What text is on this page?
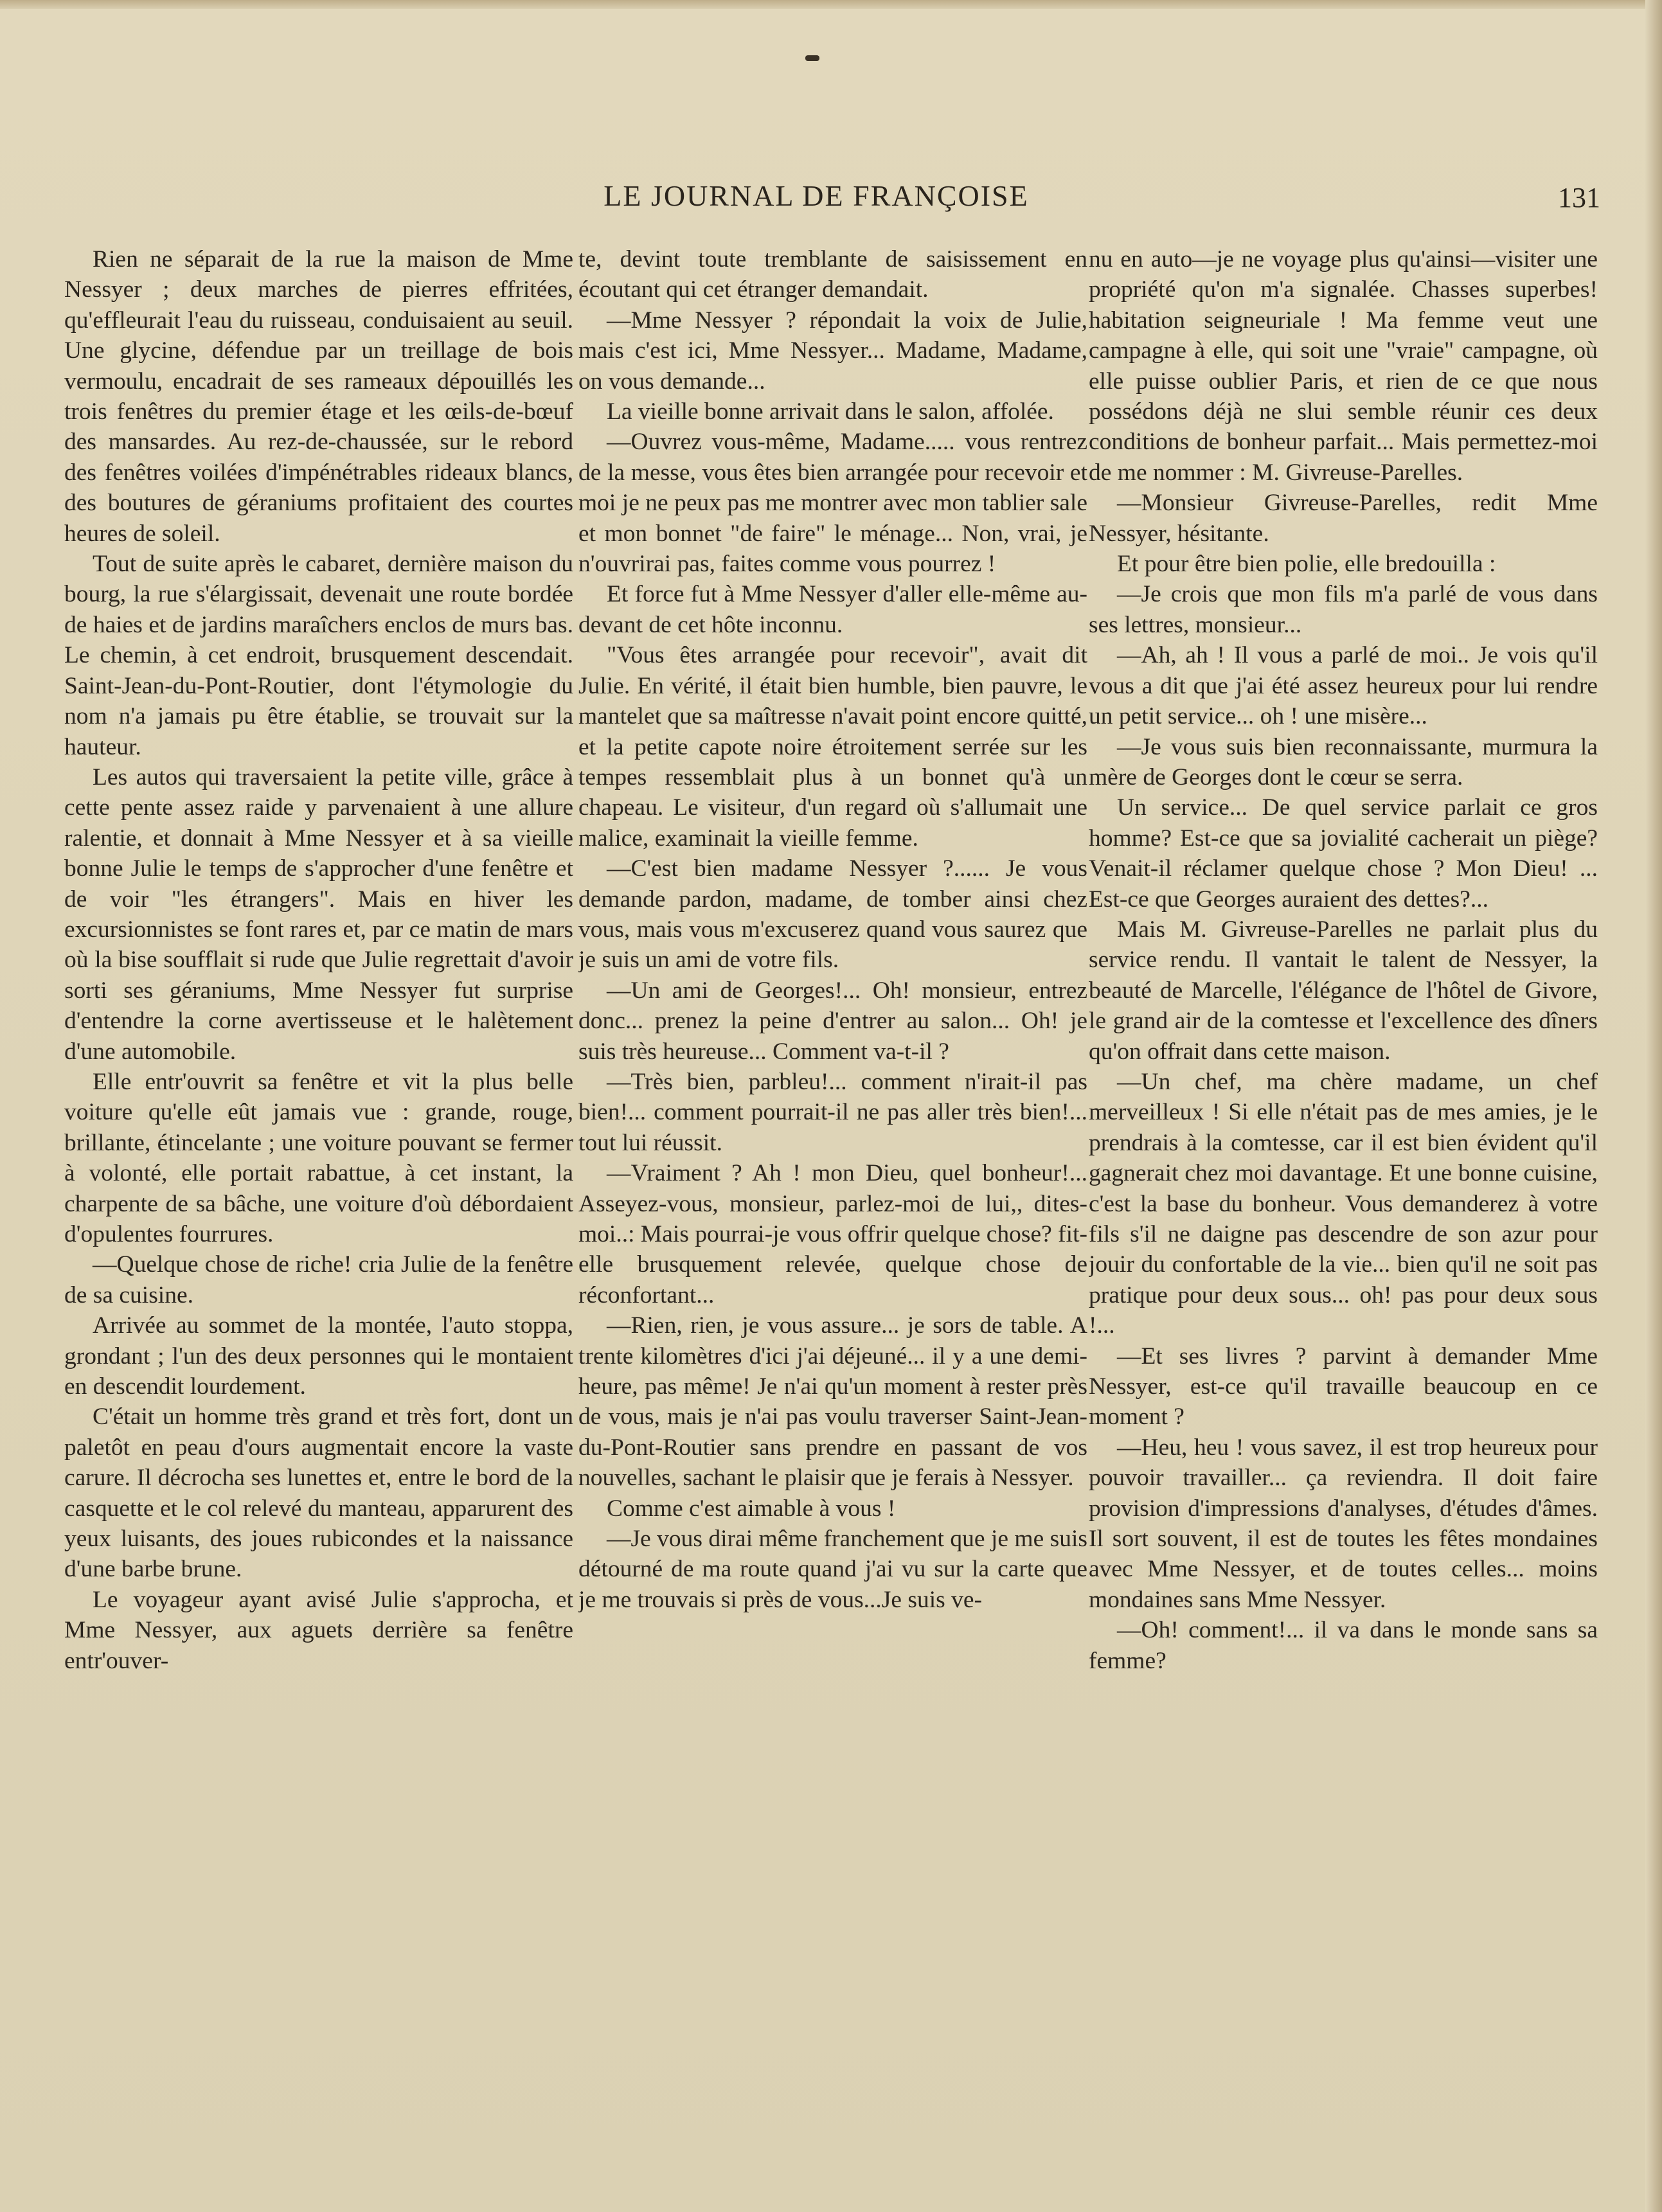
LE JOURNAL DE FRANÇOISE	131

Rien ne séparait de la rue la maison de Mme Nessyer ; deux marches de pierres effritées, qu'effleurait l'eau du ruisseau, conduisaient au seuil. Une glycine, défendue par un treillage de bois vermoulu, encadrait de ses rameaux dépouillés les trois fenêtres du premier étage et les œils-de-bœuf des mansardes. Au rez-de-chaussée, sur le rebord des fenêtres voilées d'impénétrables rideaux blancs, des boutures de géraniums profitaient des courtes heures de soleil.

Tout de suite après le cabaret, dernière maison du bourg, la rue s'élargissait, devenait une route bordée de haies et de jardins maraîchers enclos de murs bas. Le chemin, à cet endroit, brusquement descendait. Saint-Jean-du-Pont-Routier, dont l'étymologie du nom n'a jamais pu être établie, se trouvait sur la hauteur.

Les autos qui traversaient la petite ville, grâce à cette pente assez raide y parvenaient à une allure ralentie, et donnait à Mme Nessyer et à sa vieille bonne Julie le temps de s'approcher d'une fenêtre et de voir "les étrangers". Mais en hiver les excursionnistes se font rares et, par ce matin de mars où la bise soufflait si rude que Julie regrettait d'avoir sorti ses géraniums, Mme Nessyer fut surprise d'entendre la corne avertisseuse et le halètement d'une automobile.

Elle entr'ouvrit sa fenêtre et vit la plus belle voiture qu'elle eût jamais vue : grande, rouge, brillante, étincelante ; une voiture pouvant se fermer à volonté, elle portait rabattue, à cet instant, la charpente de sa bâche, une voiture d'où débordaient d'opulentes fourrures.

—Quelque chose de riche! cria Julie de la fenêtre de sa cuisine.

Arrivée au sommet de la montée, l'auto stoppa, grondant ; l'un des deux personnes qui le montaient en descendit lourdement.

C'était un homme très grand et très fort, dont un paletôt en peau d'ours augmentait encore la vaste carure. Il décrocha ses lunettes et, entre le bord de la casquette et le col relevé du manteau, apparurent des yeux luisants, des joues rubicondes et la naissance d'une barbe brune.

Le voyageur ayant avisé Julie s'approcha, et Mme Nessyer, aux aguets derrière sa fenêtre entr'ouver-

te, devint toute tremblante de saisissement en écoutant qui cet étranger demandait.

—Mme Nessyer ? répondait la voix de Julie, mais c'est ici, Mme Nessyer... Madame, Madame, on vous demande...

La vieille bonne arrivait dans le salon, affolée.

—Ouvrez vous-même, Madame..... vous rentrez de la messe, vous êtes bien arrangée pour recevoir et moi je ne peux pas me montrer avec mon tablier sale et mon bonnet "de faire" le ménage... Non, vrai, je n'ouvrirai pas, faites comme vous pourrez !

Et force fut à Mme Nessyer d'aller elle-même au-devant de cet hôte inconnu.

"Vous êtes arrangée pour recevoir", avait dit Julie. En vérité, il était bien humble, bien pauvre, le mantelet que sa maîtresse n'avait point encore quitté, et la petite capote noire étroitement serrée sur les tempes ressemblait plus à un bonnet qu'à un chapeau. Le visiteur, d'un regard où s'allumait une malice, examinait la vieille femme.

—C'est bien madame Nessyer ?...... Je vous demande pardon, madame, de tomber ainsi chez vous, mais vous m'excuserez quand vous saurez que je suis un ami de votre fils.

—Un ami de Georges!... Oh! monsieur, entrez donc... prenez la peine d'entrer au salon... Oh! je suis très heureuse... Comment va-t-il ?

—Très bien, parbleu!... comment n'irait-il pas bien!... comment pourrait-il ne pas aller très bien!... tout lui réussit.

—Vraiment ? Ah ! mon Dieu, quel bonheur!... Asseyez-vous, monsieur, parlez-moi de lui,, dites-moi..: Mais pourrai-je vous offrir quelque chose? fit-elle brusquement relevée, quelque chose de réconfortant...

—Rien, rien, je vous assure... je sors de table. A trente kilomètres d'ici j'ai déjeuné... il y a une demi-heure, pas même! Je n'ai qu'un moment à rester près de vous, mais je n'ai pas voulu traverser Saint-Jean-du-Pont-Routier sans prendre en passant de vos nouvelles, sachant le plaisir que je ferais à Nessyer.

Comme c'est aimable à vous !

—Je vous dirai même franchement que je me suis détourné de ma route quand j'ai vu sur la carte que je me trouvais si près de vous...Je suis ve-

nu en auto—je ne voyage plus qu'ainsi—visiter une propriété qu'on m'a signalée. Chasses superbes! habitation seigneuriale ! Ma femme veut une campagne à elle, qui soit une "vraie" campagne, où elle puisse oublier Paris, et rien de ce que nous possédons déjà ne slui semble réunir ces deux conditions de bonheur parfait... Mais permettez-moi de me nommer : M. Givreuse-Parelles.

—Monsieur Givreuse-Parelles, redit Mme Nessyer, hésitante.

Et pour être bien polie, elle bredouilla :

—Je crois que mon fils m'a parlé de vous dans ses lettres, monsieur...

—Ah, ah ! Il vous a parlé de moi.. Je vois qu'il vous a dit que j'ai été assez heureux pour lui rendre un petit service... oh ! une misère...

—Je vous suis bien reconnaissante, murmura la mère de Georges dont le cœur se serra.

Un service... De quel service parlait ce gros homme? Est-ce que sa jovialité cacherait un piège? Venait-il réclamer quelque chose ? Mon Dieu! ... Est-ce que Georges auraient des dettes?...

Mais M. Givreuse-Parelles ne parlait plus du service rendu. Il vantait le talent de Nessyer, la beauté de Marcelle, l'élégance de l'hôtel de Givore, le grand air de la comtesse et l'excellence des dîners qu'on offrait dans cette maison.

—Un chef, ma chère madame, un chef merveilleux ! Si elle n'était pas de mes amies, je le prendrais à la comtesse, car il est bien évident qu'il gagnerait chez moi davantage. Et une bonne cuisine, c'est la base du bonheur. Vous demanderez à votre fils s'il ne daigne pas descendre de son azur pour jouir du confortable de la vie... bien qu'il ne soit pas pratique pour deux sous... oh! pas pour deux sous !...

—Et ses livres ? parvint à demander Mme Nessyer, est-ce qu'il travaille beaucoup en ce moment ?

—Heu, heu ! vous savez, il est trop heureux pour pouvoir travailler... ça reviendra. Il doit faire provision d'impressions d'analyses, d'études d'âmes. Il sort souvent, il est de toutes les fêtes mondaines avec Mme Nessyer, et de toutes celles... moins mondaines sans Mme Nessyer.

—Oh! comment!... il va dans le monde sans sa femme?
